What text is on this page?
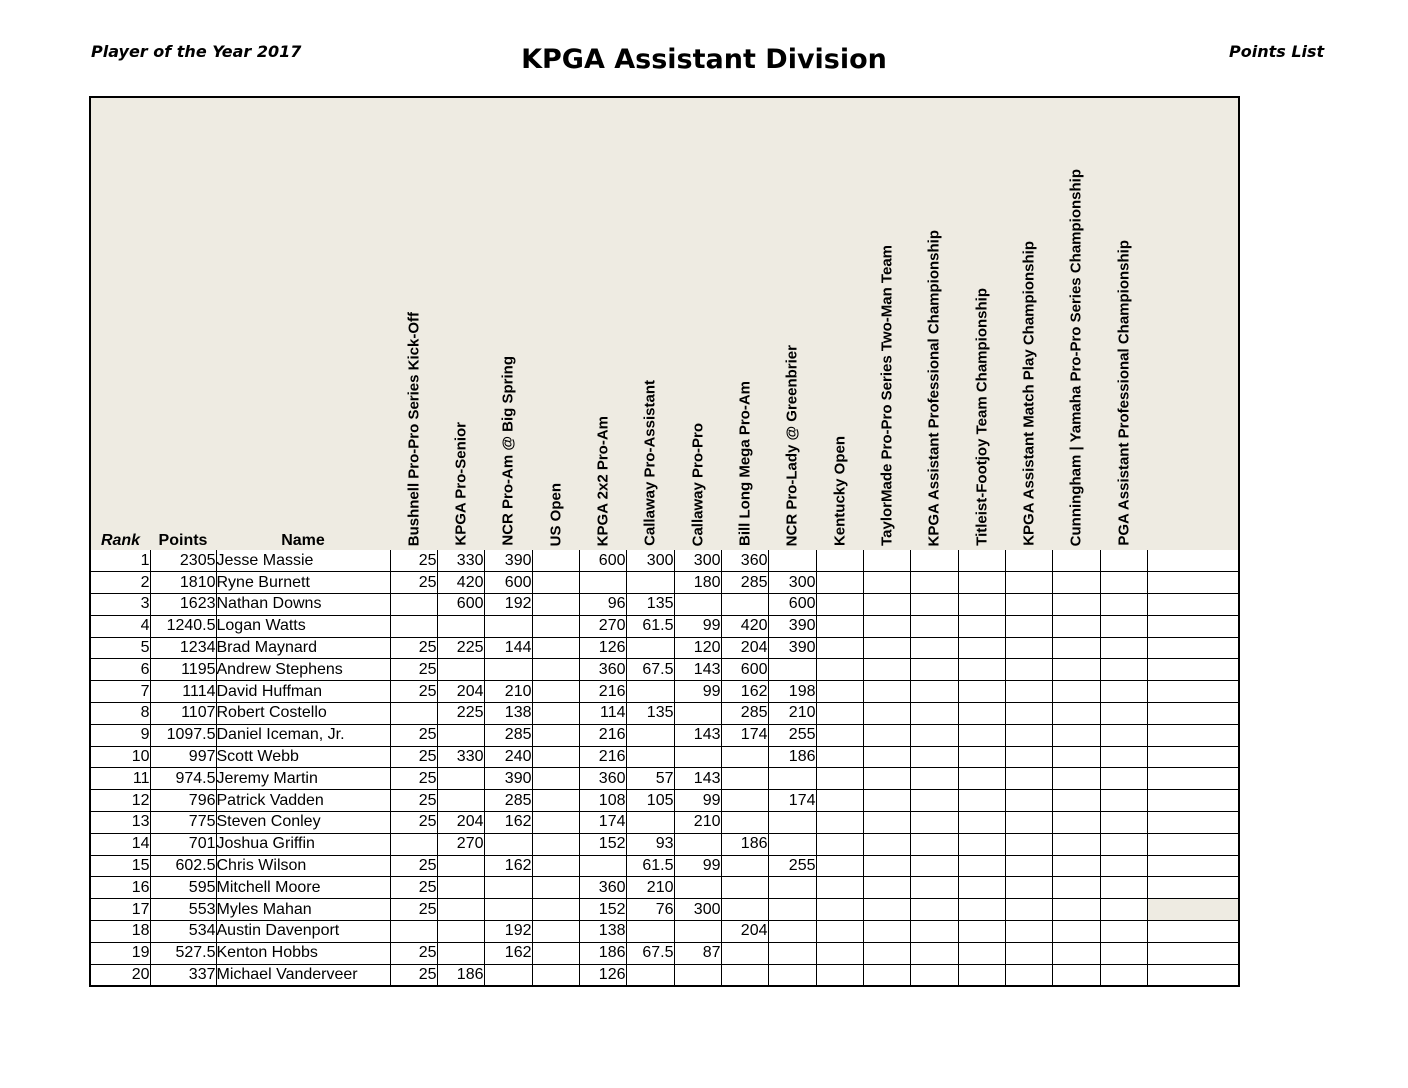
Player of the Year 2017	KPGA Assistant Division	Points List
Rank	Points	Name	Bushnell Pro-Pro Series Kick-Off	KPGA Pro-Senior	NCR Pro-Am @ Big Spring	US Open	KPGA 2x2 Pro-Am	Callaway Pro-Assistant	Callaway Pro-Pro	Bill Long Mega Pro-Am	NCR Pro-Lady @ Greenbrier	Kentucky Open	TaylorMade Pro-Pro Series Two-Man Team	KPGA Assistant Professional Championship	Titleist-Footjoy Team Championship	KPGA Assistant Match Play Championship	Cunningham | Yamaha Pro-Pro Series Championship	PGA Assistant Professional Championship	

1	2305	Jesse Massie	25	330	390		600	300	300	360									
2	1810	Ryne Burnett	25	420	600				180	285	300								
3	1623	Nathan Downs		600	192		96	135			600								
4	1240.5	Logan Watts					270	61.5	99	420	390								
5	1234	Brad Maynard	25	225	144		126		120	204	390								
6	1195	Andrew Stephens	25				360	67.5	143	600									
7	1114	David Huffman	25	204	210		216		99	162	198								
8	1107	Robert Costello		225	138		114	135		285	210								
9	1097.5	Daniel Iceman, Jr.	25		285		216		143	174	255								
10	997	Scott Webb	25	330	240		216				186								
11	974.5	Jeremy Martin	25		390		360	57	143										
12	796	Patrick Vadden	25		285		108	105	99		174								
13	775	Steven Conley	25	204	162		174		210										
14	701	Joshua Griffin		270			152	93		186									
15	602.5	Chris Wilson	25		162			61.5	99		255								
16	595	Mitchell Moore	25				360	210											
17	553	Myles Mahan	25				152	76	300										
18	534	Austin Davenport			192		138			204									
19	527.5	Kenton Hobbs	25		162		186	67.5	87										
20	337	Michael Vanderveer	25	186			126												
